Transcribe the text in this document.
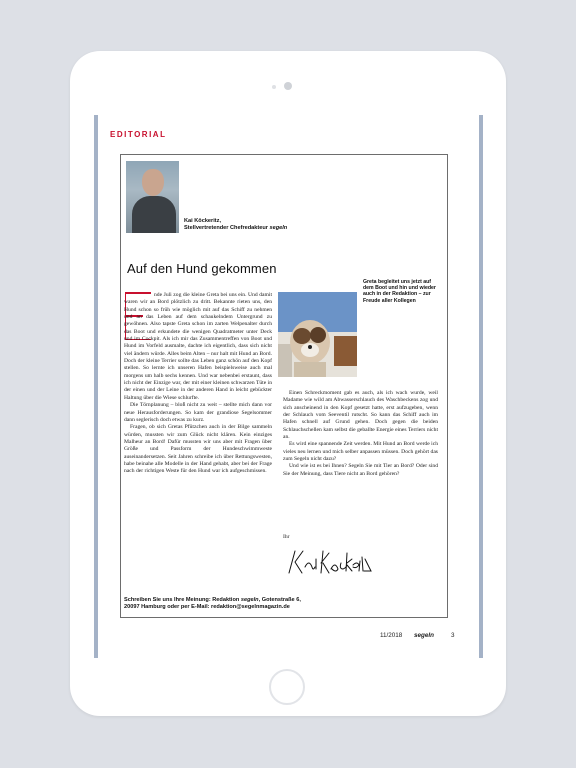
EDITORIAL
Kai Köckeritz,
Stellvertretender Chefredakteur segeln
Auf den Hund gekommen

nde Juli zog die kleine Greta bei uns ein. Und damit waren wir an Bord plötzlich zu dritt. Bekannte rieten uns, den Hund schon so früh wie möglich mit auf das Schiff zu nehmen und an das Leben auf dem schaukelndem Untergrund zu gewöhnen. Also tapste Greta schon im zarten Welpenalter durch das Boot und erkundete die wenigen Quadratmeter unter Deck und im Cockpit. Als ich mir das Zusammentreffen von Boot und Hund im Vorfeld ausmalte, dachte ich eigentlich, dass sich nicht viel ändern würde. Alles beim Alten – nur halt mit Hund an Bord. Doch der kleine Terrier sollte das Leben ganz schön auf den Kopf stellen. So lernte ich unseren Hafen beispielsweise auch mal morgens um halb sechs kennen. Und war nebenbei erstaunt, dass ich nicht der Einzige war, der mit einer kleinen schwarzen Tüte in der einen und der Leine in der anderen Hand in leicht gebückter Haltung über die Wiese schlurfte.

Die Törnplanung – bloß nicht zu weit – stellte mich dann vor neue Herausforderungen. So kam der grandiose Segelsommer dann seglerisch doch etwas zu kurz.

Fragen, ob sich Gretas Pfützchen auch in der Bilge sammeln würden, mussten wir zum Glück nicht klären. Kein einziges Malheur an Bord! Dafür mussten wir uns aber mit Fragen über Größe und Passform der Hundeschwimmweste auseinandersetzen. Seit Jahren schreibe ich über Rettungswesten, habe beinahe alle Modelle in der Hand gehabt, aber bei der Frage nach der richtigen Weste für den Hund war ich aufgeschmissen.

Greta begleitet uns jetzt auf dem Boot und hin und wieder auch in der Redaktion – zur Freude aller Kollegen

Einen Schreckmoment gab es auch, als ich wach wurde, weil Madame wie wild am Abwasserschlauch des Waschbeckens zog und sich anscheinend in den Kopf gesetzt hatte, erst aufzugeben, wenn der Schlauch vom Seeventil rutscht. So kann das Schiff auch im Hafen schnell auf Grund gehen. Doch gegen die beiden Schlauchschellen kam selbst die geballte Energie eines Terriers nicht an.

Es wird eine spannende Zeit werden. Mit Hund an Bord werde ich vieles neu lernen und mich selber anpassen müssen. Doch gehört das zum Segeln nicht dazu?

Und wie ist es bei Ihnen? Segeln Sie mit Tier an Bord? Oder sind Sie der Meinung, dass Tiere nicht an Bord gehören?

Ihr
Schreiben Sie uns Ihre Meinung: Redaktion segeln, Gotenstraße 6,
20097 Hamburg oder per E-Mail: redaktion@segelnmagazin.de
11/2018 segeln	3
